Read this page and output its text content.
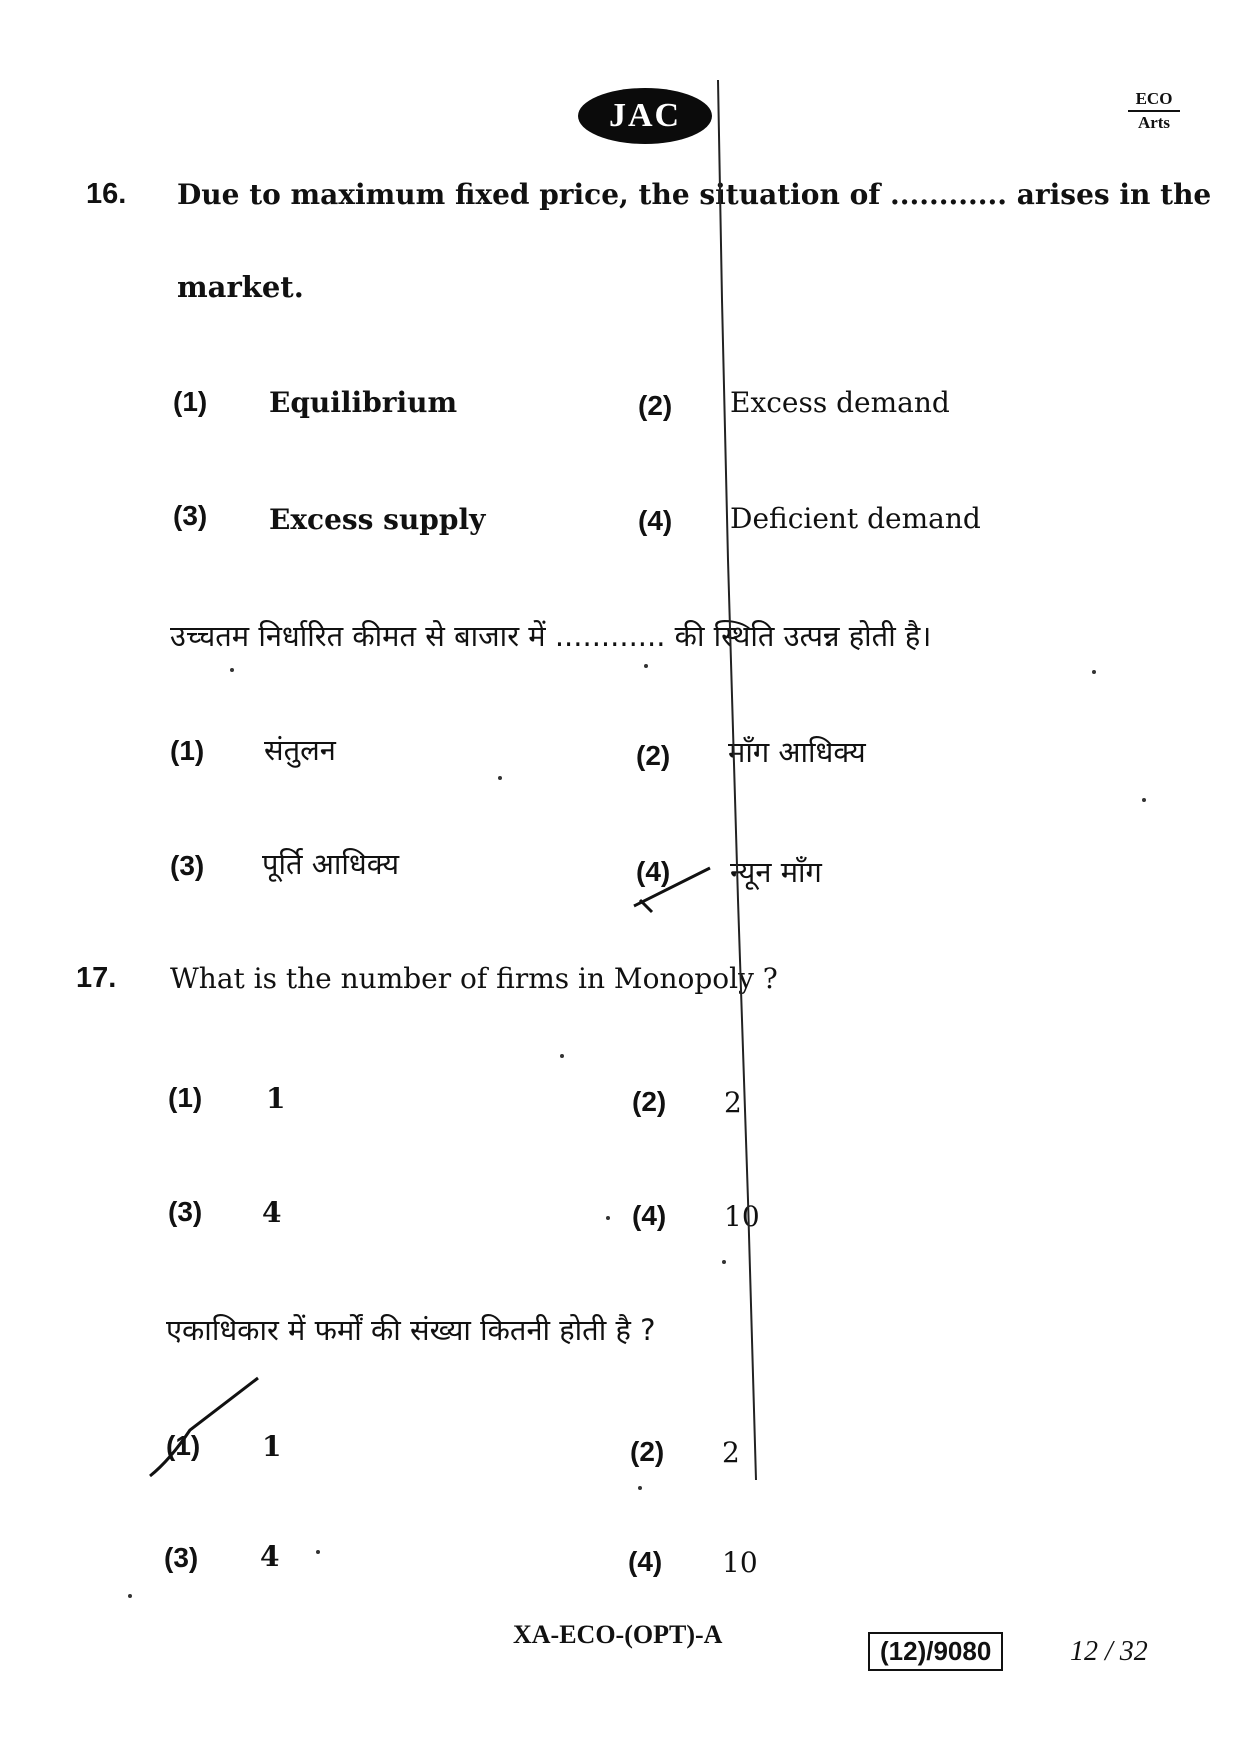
JAC	ECO
Arts
16. Due to maximum fixed price, the situation of ............ arises in the
market.
(1) Equilibrium	(2) Excess demand
(3) Excess supply	(4) Deficient demand
उच्चतम निर्धारित कीमत से बाजार में ............ की स्थिति उत्पन्न होती है।
(1) संतुलन	(2) माँग आधिक्य
(3) पूर्ति आधिक्य	(4) न्यून माँग
17. What is the number of firms in Monopoly ?
(1) 1	(2) 2
(3) 4	(4) 10
एकाधिकार में फर्मों की संख्या कितनी होती है ?
(1) 1	(2) 2
(3) 4	(4) 10
XA-ECO-(OPT)-A
(12)/9080	12 / 32
